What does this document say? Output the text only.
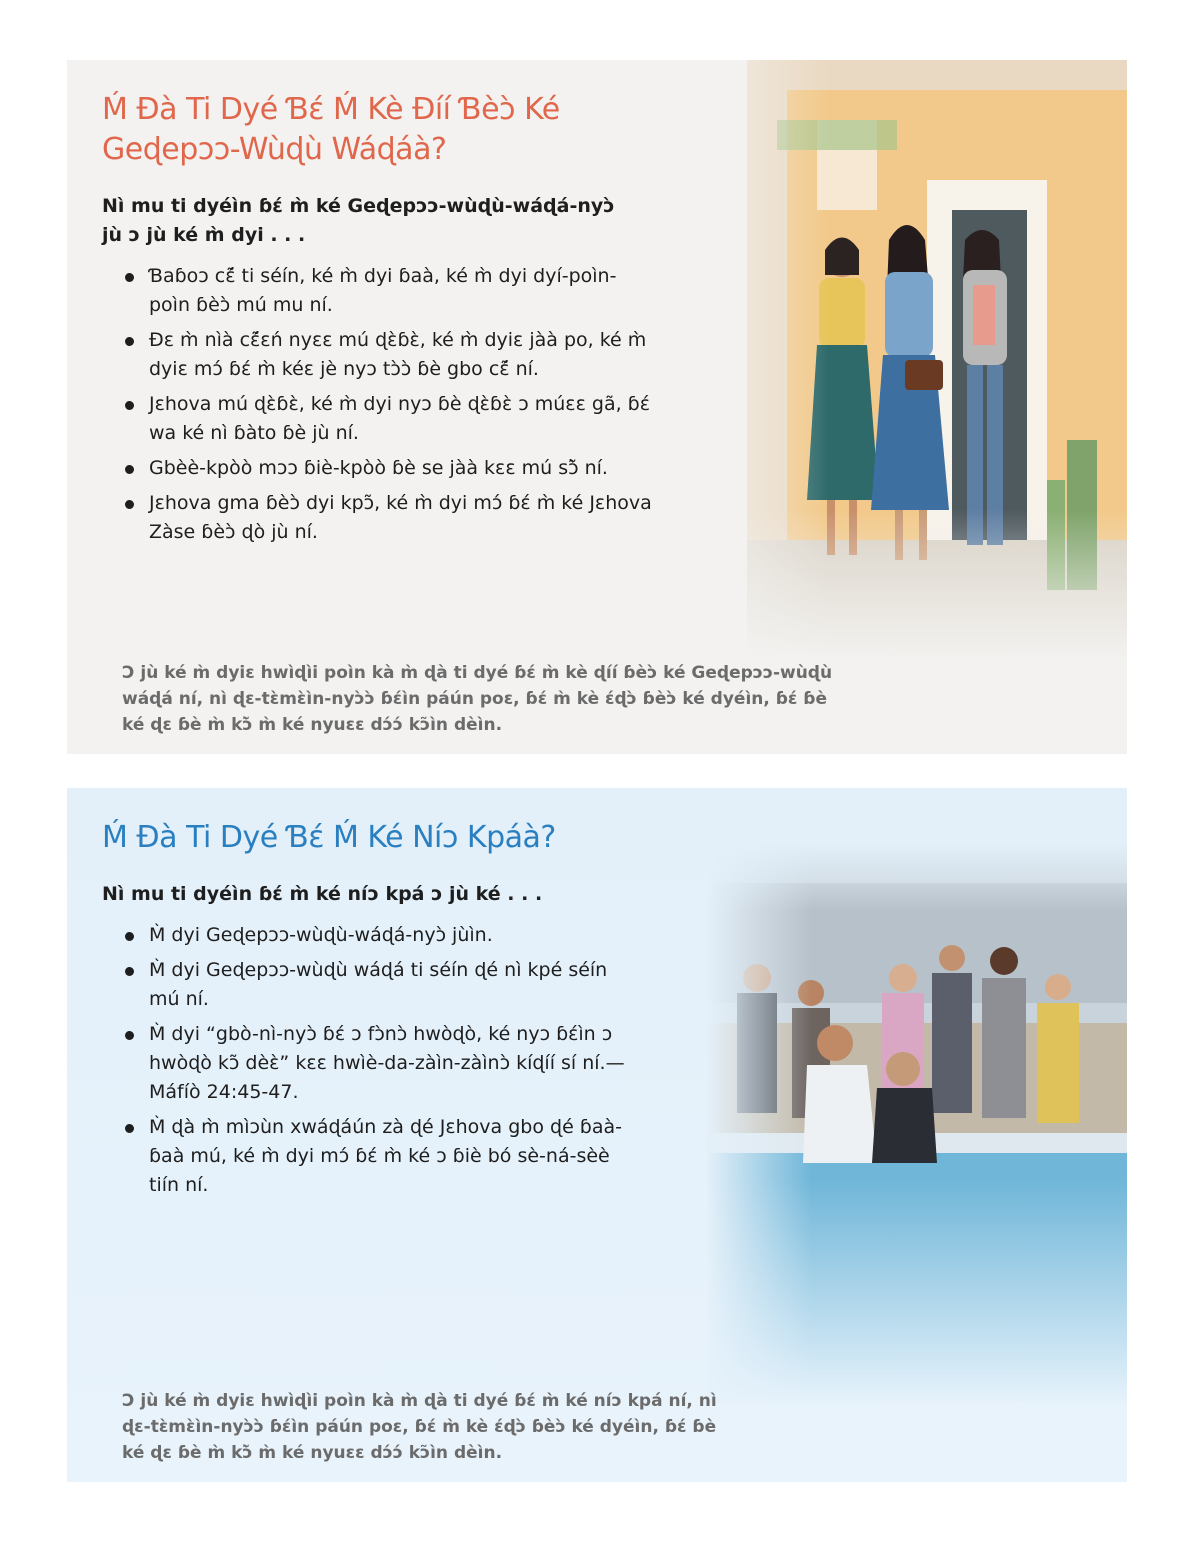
Ḿ Ɖà Ti Dyé Ɓɛ́ Ḿ Kè Ɖíí Ɓèɔ̀ Ké Geɖepɔɔ-Wùɖù Wáɖáà?

Nì mu ti dyéìn ɓɛ́ m̀ ké Geɖepɔɔ-wùɖù-wáɖá-nyɔ̀ jù ɔ jù ké m̀ dyi . . .

Ɓaɓoɔ cɛ̃́ ti séín, ké m̀ dyi ɓaà, ké m̀ dyi dyí-poìn-poìn ɓèɔ̀ mú mu ní.
Ɖɛ m̀ nìà cɛ̃́ɛń nyɛɛ mú ɖɛ̀ɓɛ̀, ké m̀ dyiɛ jàà po, ké m̀ dyiɛ mɔ́ ɓɛ́ m̀ kéɛ jè nyɔ tɔ̀ɔ̀ ɓè gbo cɛ̃́ ní.
Jɛhova mú ɖɛ̀ɓɛ̀, ké m̀ dyi nyɔ ɓè ɖɛ̀ɓɛ̀ ɔ múɛɛ gã, ɓɛ́ wa ké nì ɓàto ɓè jù ní.
Gbèè-kpòò mɔɔ ɓiè-kpòò ɓè se jàà kɛɛ mú sɔ̃̀ ní.
Jɛhova gma ɓèɔ̀ dyi kpɔ̃, ké m̀ dyi mɔ́ ɓɛ́ m̀ ké Jɛhova Zàse ɓèɔ̀ ɖò jù ní.

Ɔ jù ké m̀ dyiɛ hwìɖìi poìn kà m̀ ɖà ti dyé ɓɛ́ m̀ kè ɖíí ɓèɔ̀ ké Geɖepɔɔ-wùɖù wáɖá ní, nì ɖɛ-tɛ̀mɛ̀ìn-nyɔ̀ɔ̀ ɓɛ́ìn páún poɛ, ɓɛ́ m̀ kè ɛ́ɖɔ̀ ɓèɔ̀ ké dyéìn, ɓɛ́ ɓè ké ɖɛ ɓè m̀ kɔ̃̀ m̀ ké nyuɛɛ dɔ́ɔ́ kɔ̃ìn dèìn.

Ḿ Ɖà Ti Dyé Ɓɛ́ Ḿ Ké Níɔ Kpáà?

Nì mu ti dyéìn ɓɛ́ m̀ ké níɔ kpá ɔ jù ké . . .

M̀ dyi Geɖepɔɔ-wùɖù-wáɖá-nyɔ̀ jùìn.
M̀ dyi Geɖepɔɔ-wùɖù wáɖá ti séín ɖé nì kpé séín mú ní.
M̀ dyi “gbò-nì-nyɔ̀ ɓɛ́ ɔ fɔ̀nɔ̀ hwòɖò, ké nyɔ ɓɛ́ìn ɔ hwòɖò kɔ̃ dèɛ̀” kɛɛ hwìè-da-zàìn-zàìnɔ̀ kíɖíí sí ní.—Máfíò 24:45-47.
M̀ ɖà m̀ mìɔùn xwáɖáún zà ɖé Jɛhova gbo ɖé ɓaà-ɓaà mú, ké m̀ dyi mɔ́ ɓɛ́ m̀ ké ɔ ɓiè bó sè-ná-sèè tiín ní.

Ɔ jù ké m̀ dyiɛ hwìɖìi poìn kà m̀ ɖà ti dyé ɓɛ́ m̀ ké níɔ kpá ní, nì ɖɛ-tɛ̀mɛ̀ìn-nyɔ̀ɔ̀ ɓɛ́ìn páún poɛ, ɓɛ́ m̀ kè ɛ́ɖɔ̀ ɓèɔ̀ ké dyéìn, ɓɛ́ ɓè ké ɖɛ ɓè m̀ kɔ̃̀ m̀ ké nyuɛɛ dɔ́ɔ́ kɔ̃ìn dèìn.
